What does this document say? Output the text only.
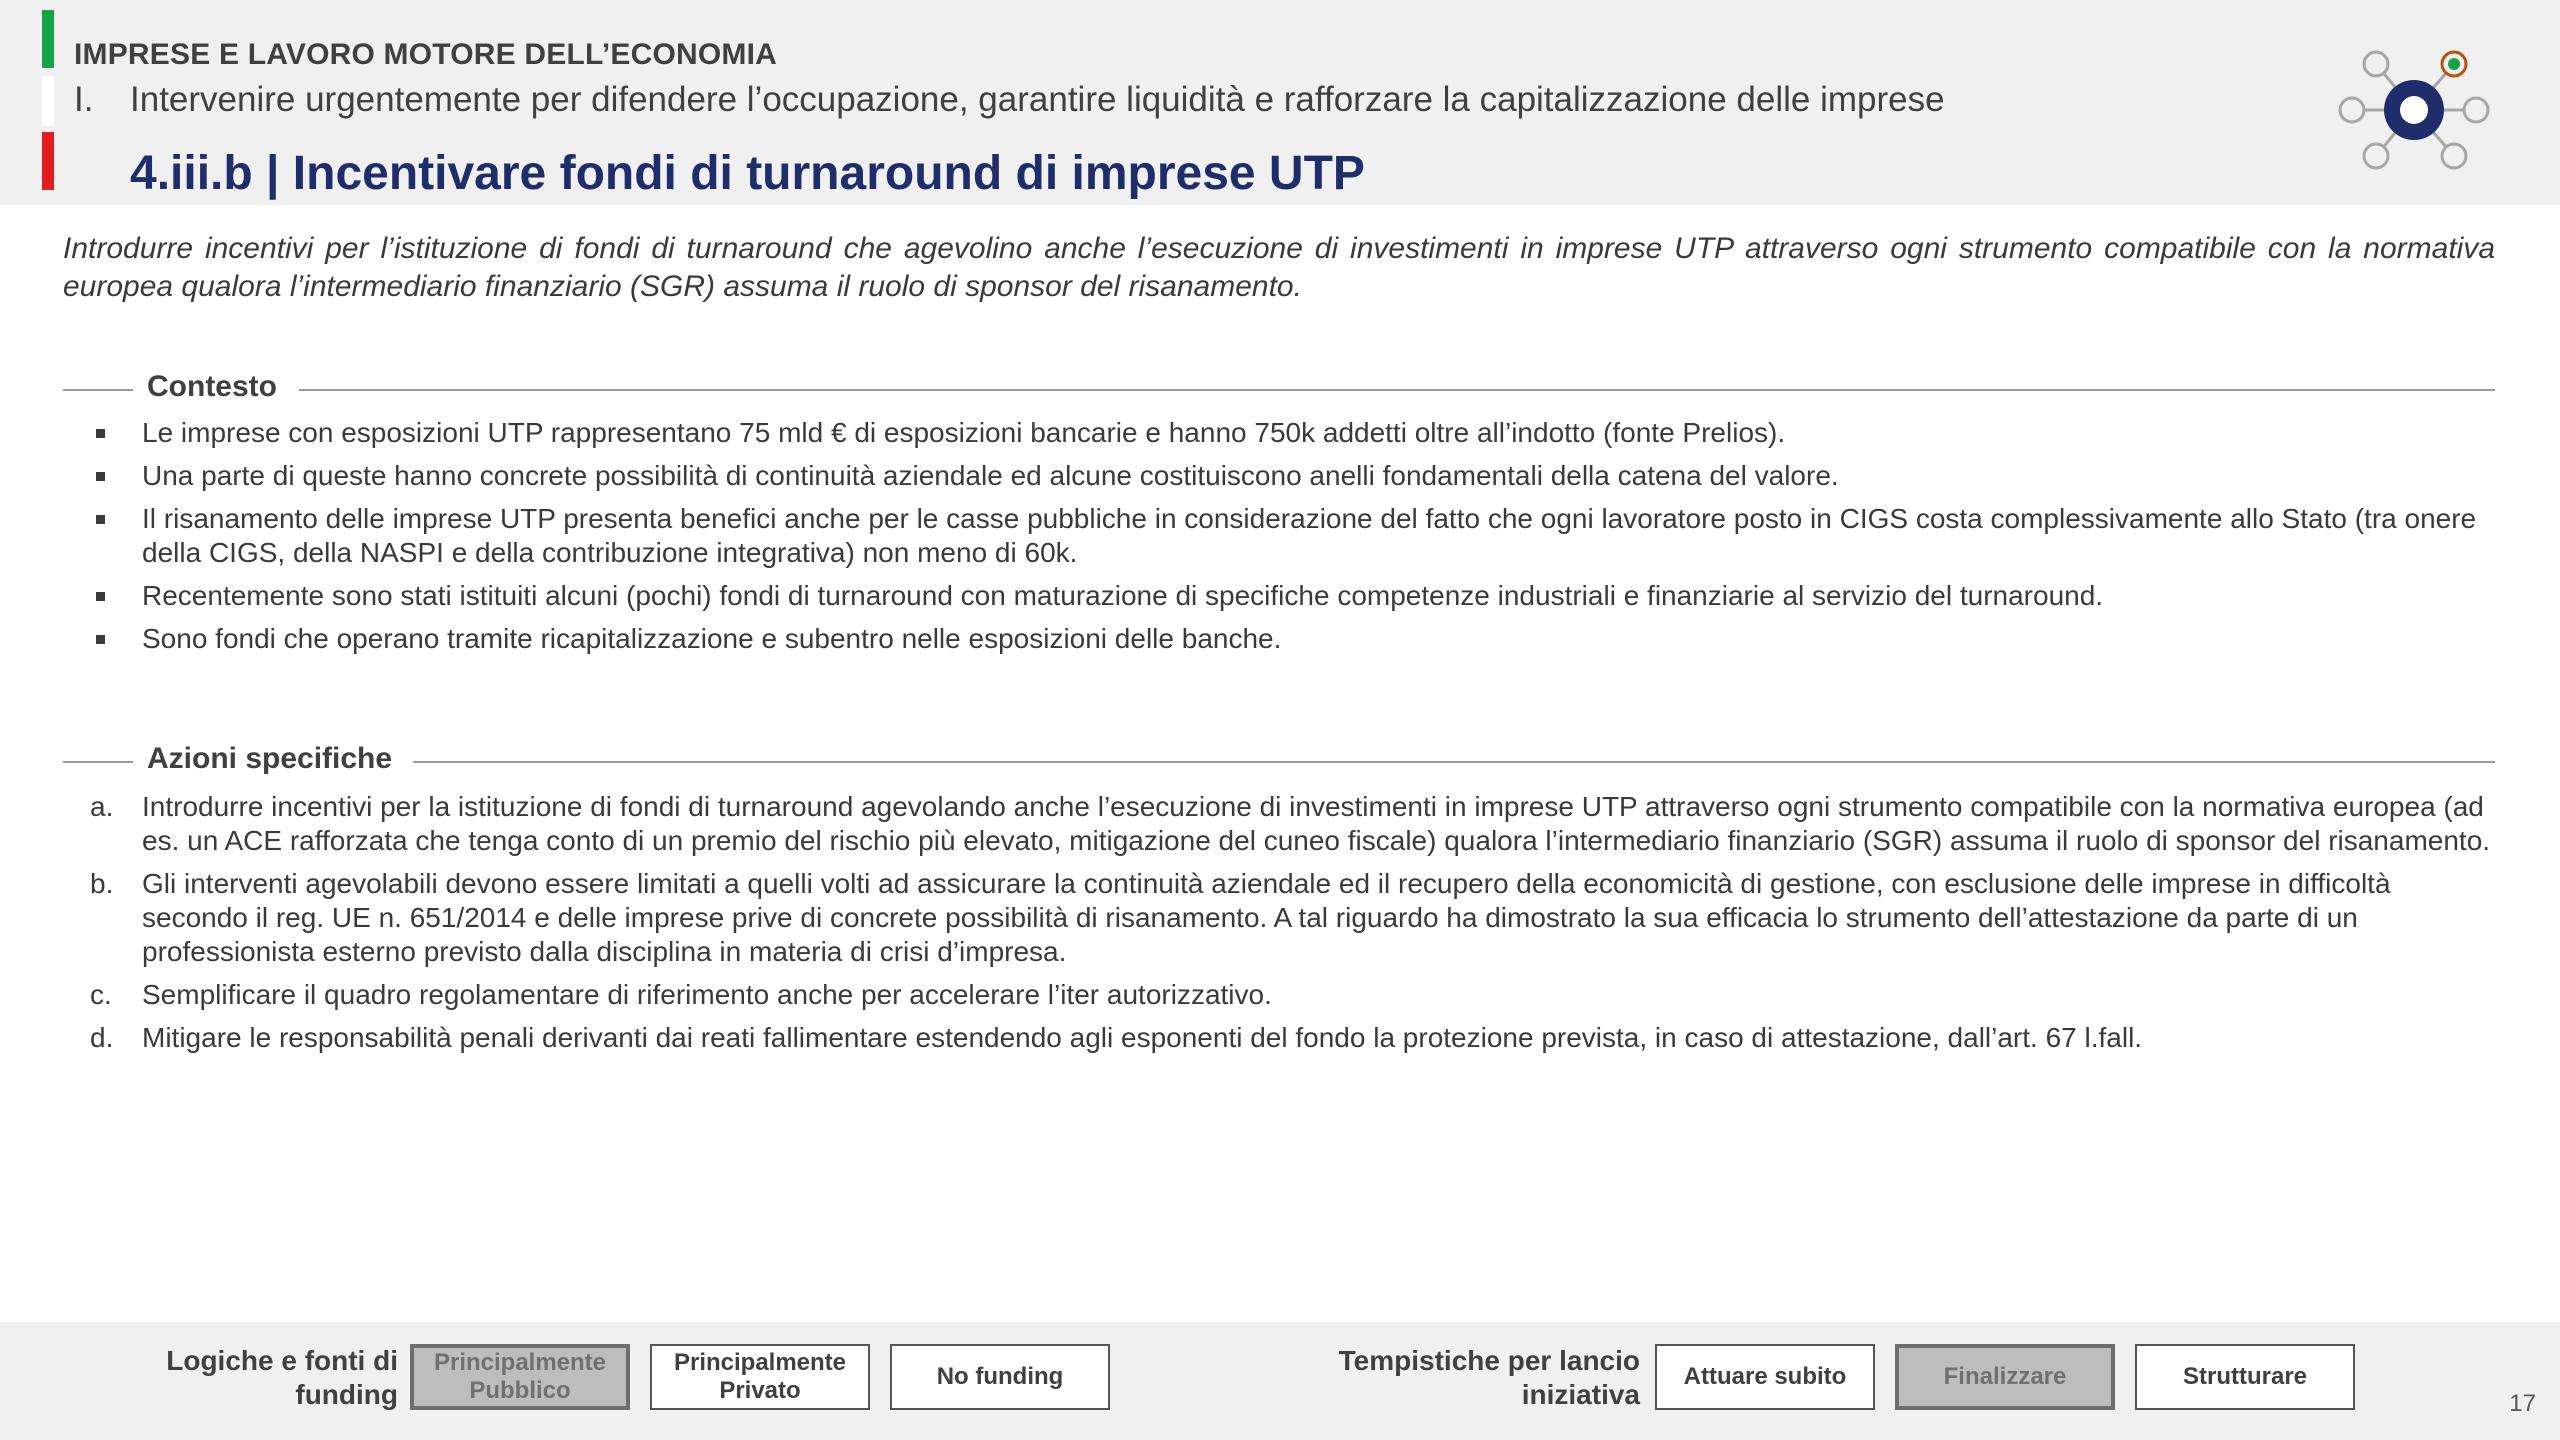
IMPRESE E LAVORO MOTORE DELL’ECONOMIA
I. Intervenire urgentemente per difendere l’occupazione, garantire liquidità e rafforzare la capitalizzazione delle imprese
4.iii.b | Incentivare fondi di turnaround di imprese UTP
Introdurre incentivi per l’istituzione di fondi di turnaround che agevolino anche l’esecuzione di investimenti in imprese UTP attraverso ogni strumento compatibile con la normativa europea qualora l’intermediario finanziario (SGR) assuma il ruolo di sponsor del risanamento.
Contesto
Le imprese con esposizioni UTP rappresentano 75 mld € di esposizioni bancarie e hanno 750k addetti oltre all’indotto (fonte Prelios).
Una parte di queste hanno concrete possibilità di continuità aziendale ed alcune costituiscono anelli fondamentali della catena del valore.
Il risanamento delle imprese UTP presenta benefici anche per le casse pubbliche in considerazione del fatto che ogni lavoratore posto in CIGS costa complessivamente allo Stato (tra onere della CIGS, della NASPI e della contribuzione integrativa) non meno di 60k.
Recentemente sono stati istituiti alcuni (pochi) fondi di turnaround con maturazione di specifiche competenze industriali e finanziarie al servizio del turnaround.
Sono fondi che operano tramite ricapitalizzazione e subentro nelle esposizioni delle banche.
Azioni specifiche
a.	Introdurre incentivi per la istituzione di fondi di turnaround agevolando anche l’esecuzione di investimenti in imprese UTP attraverso ogni strumento compatibile con la normativa europea (ad es. un ACE rafforzata che tenga conto di un premio del rischio più elevato, mitigazione del cuneo fiscale) qualora l’intermediario finanziario (SGR) assuma il ruolo di sponsor del risanamento.
b.	Gli interventi agevolabili devono essere limitati a quelli volti ad assicurare la continuità aziendale ed il recupero della economicità di gestione, con esclusione delle imprese in difficoltà secondo il reg. UE n. 651/2014 e delle imprese prive di concrete possibilità di risanamento. A tal riguardo ha dimostrato la sua efficacia lo strumento dell’attestazione da parte di un professionista esterno previsto dalla disciplina in materia di crisi d’impresa.
c.	Semplificare il quadro regolamentare di riferimento anche per accelerare l’iter autorizzativo.
d.	Mitigare le responsabilità penali derivanti dai reati fallimentare estendendo agli esponenti del fondo la protezione prevista, in caso di attestazione, dall’art. 67 l.fall.
Logiche e fonti di
funding
Principalmente
Pubblico
Principalmente
Privato
No funding
Tempistiche per lancio
iniziativa
Attuare subito	Finalizzare	Strutturare
17
